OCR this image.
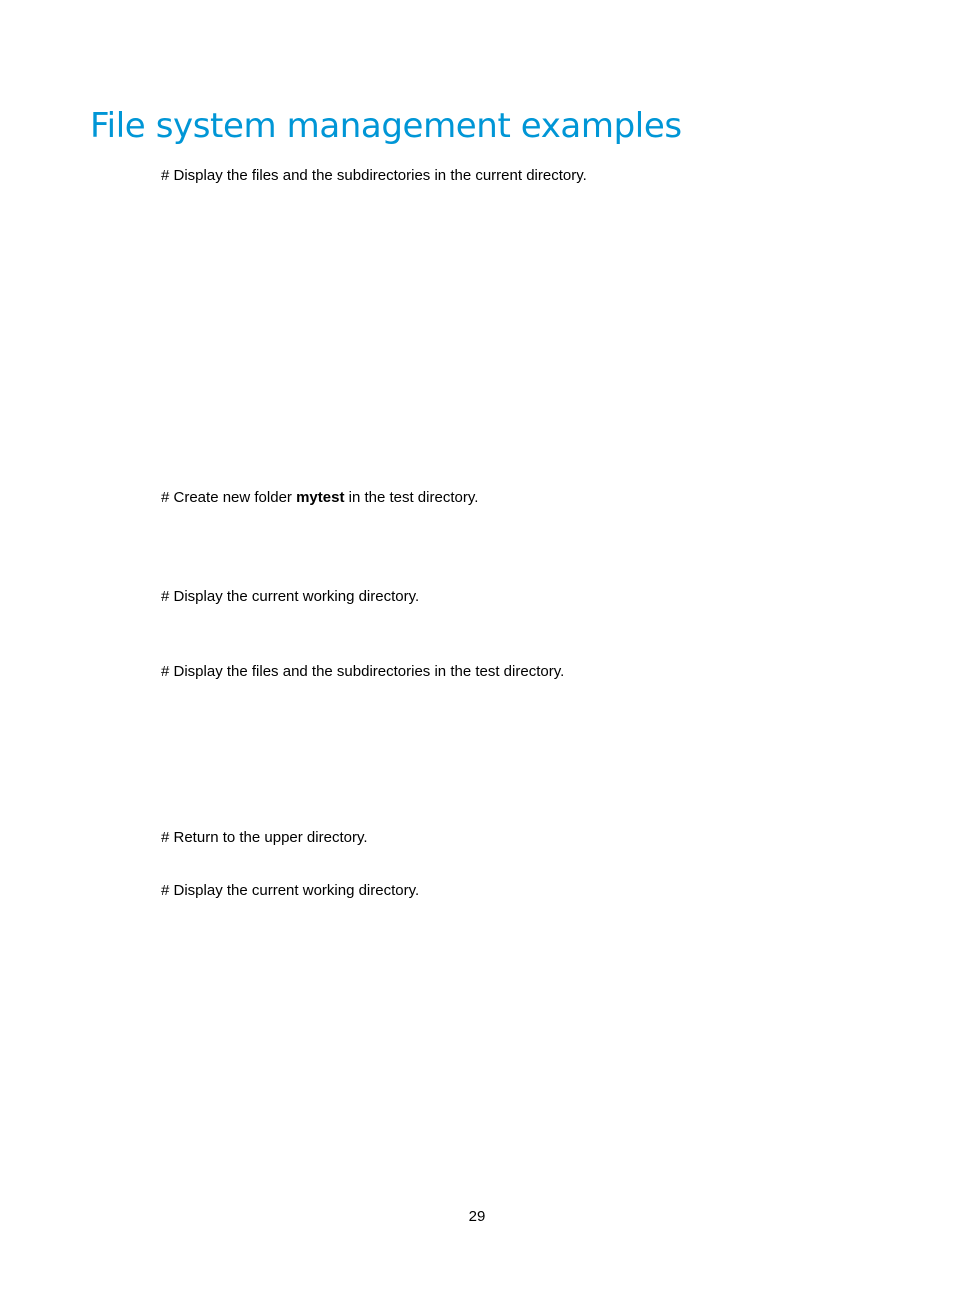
File system management examples

# Display the files and the subdirectories in the current directory.

# Create new folder mytest in the test directory.

# Display the current working directory.

# Display the files and the subdirectories in the test directory.

# Return to the upper directory.

# Display the current working directory.

29
